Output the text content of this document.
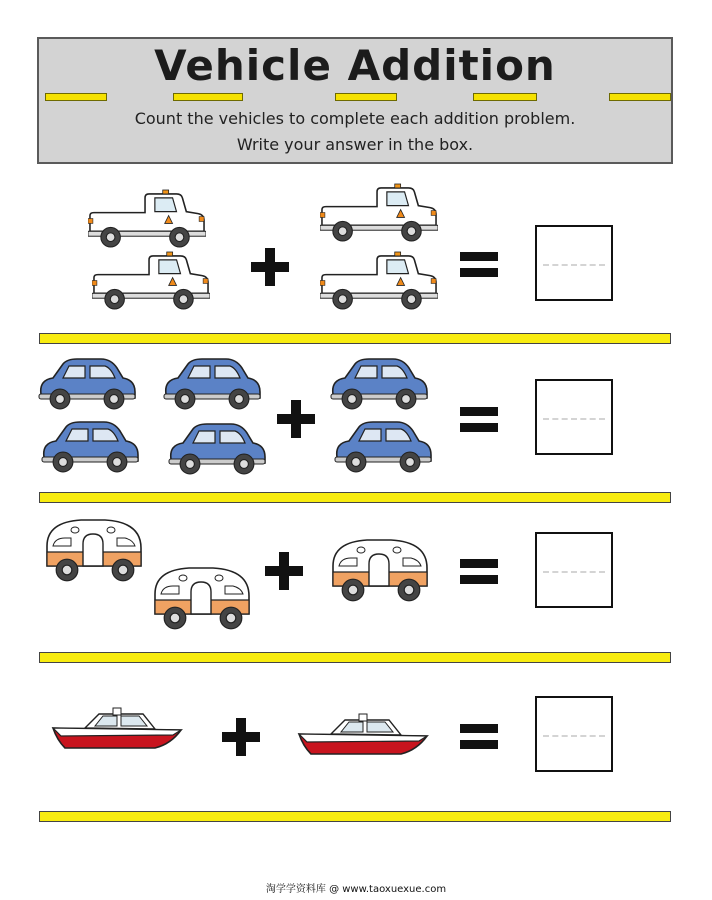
Vehicle Addition
Count the vehicles to complete each addition problem.
Write your answer in the box.
淘学学资料库 @ www.taoxuexue.com
